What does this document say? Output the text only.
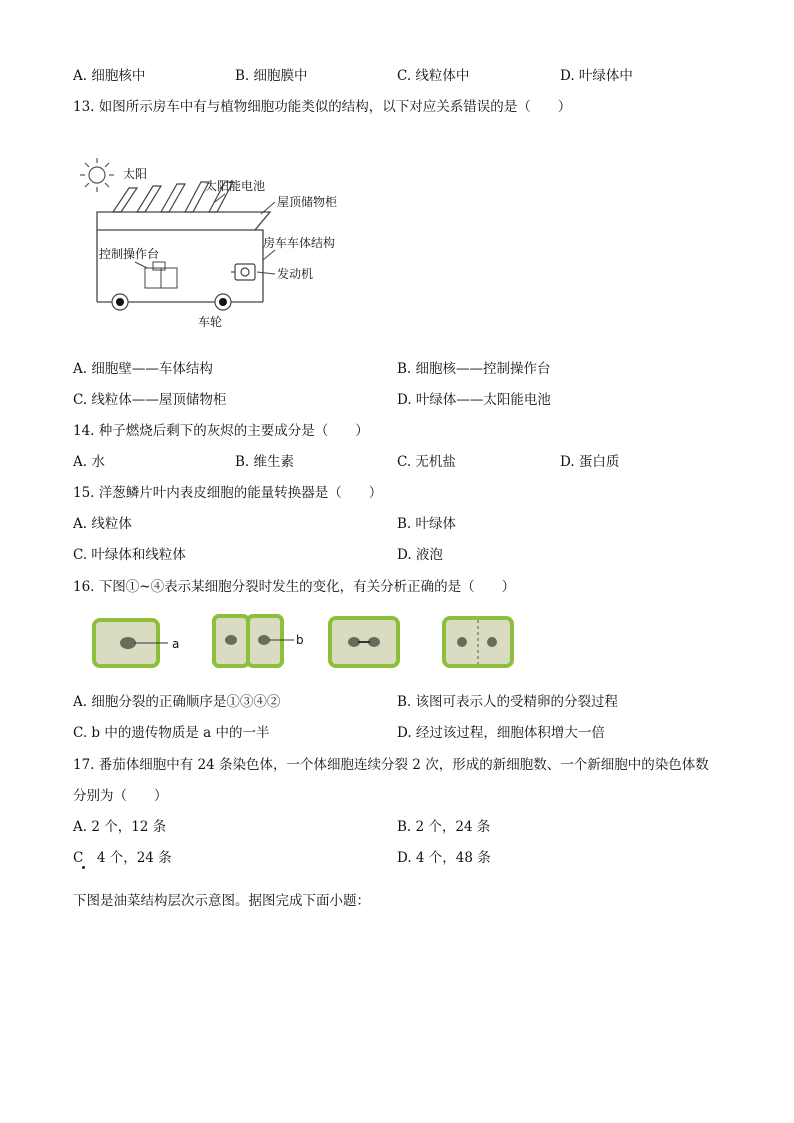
A. 细胞核中	B. 细胞膜中	C. 线粒体中	D. 叶绿体中
13. 如图所示房车中有与植物细胞功能类似的结构，以下对应关系错误的是（　　）
太阳
太阳能电池
屋顶储物柜
房车车体结构
控制操作台
发动机
车轮
A. 细胞壁——车体结构	B. 细胞核——控制操作台
C. 线粒体——屋顶储物柜	D. 叶绿体——太阳能电池
14. 种子燃烧后剩下的灰烬的主要成分是（　　）
A. 水	B. 维生素	C. 无机盐	D. 蛋白质
15. 洋葱鳞片叶内表皮细胞的能量转换器是（　　）
A. 线粒体	B. 叶绿体
C. 叶绿体和线粒体	D. 液泡
16. 下图①~④表示某细胞分裂时发生的变化，有关分析正确的是（　　）
a	b
A. 细胞分裂的正确顺序是①③④②	B. 该图可表示人的受精卵的分裂过程
C. b 中的遗传物质是 a 中的一半	D. 经过该过程，细胞体积增大一倍
17. 番茄体细胞中有 24 条染色体，一个体细胞连续分裂 2 次，形成的新细胞数、一个新细胞中的染色体数
分别为（　　）
A. 2 个，12 条	B. 2 个，24 条
C　4 个，24 条	D. 4 个，48 条
下图是油菜结构层次示意图。据图完成下面小题：
